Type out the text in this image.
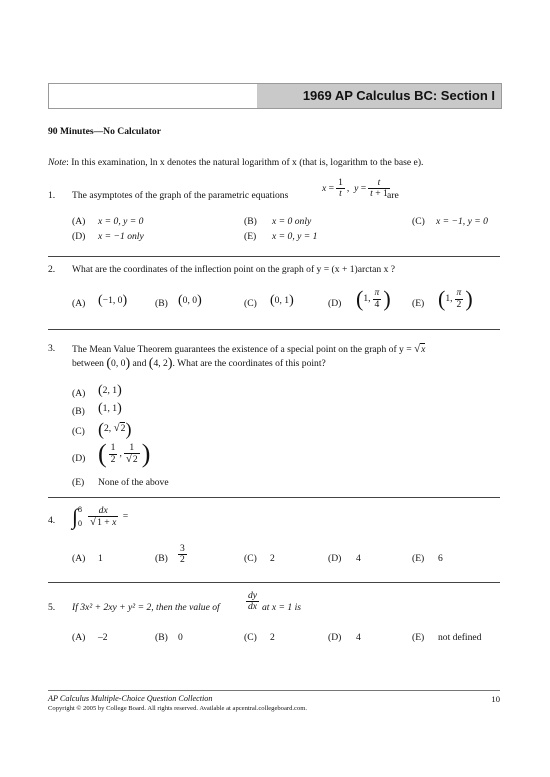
1969 AP Calculus BC: Section I
90 Minutes—No Calculator
Note: In this examination, ln x denotes the natural logarithm of x (that is, logarithm to the base e).
1. The asymptotes of the graph of the parametric equations
$x = \frac{1}{t}$ ,  $y = \frac{t}{t + 1}$
are
(A) x = 0, y = 0	(B) x = 0 only	(C) x = −1, y = 0
(D) x = −1 only	(E) x = 0, y = 1
2. What are the coordinates of the inflection point on the graph of y = (x + 1)arctan x ?
(A) (−1, 0)	(B) (0, 0)	(C) (0, 1)	(D) (1, $\frac{\pi}{4}$ ) (E) (1, $\frac{\pi}{2}$ )
3. The Mean Value Theorem guarantees the existence of a special point on the graph of y = √x
between (0, 0) and (4, 2). What are the coordinates of this point?
(A) (2, 1)
(B) (1, 1)
(C) (2, √2)
(D) ( $\frac{1}{2}$ , $\frac{1}{√2}$ )
(E) None of the above
4. ∫ 8
$0 \frac{dx}{√1 + x}$ =
(A) 1	$(B) \frac{3}{2}$	(C) 2	(D) 4	(E) 6
5. If 3x² + 2xy + y² = 2, then the value of	$\frac{dy}{dx}$ at x = 1 is
(A) –2	(B) 0	(C) 2	(D) 4	(E) not defined
AP Calculus Multiple-Choice Question Collection	10
Copyright © 2005 by College Board. All rights reserved. Available at apcentral.collegeboard.com.
